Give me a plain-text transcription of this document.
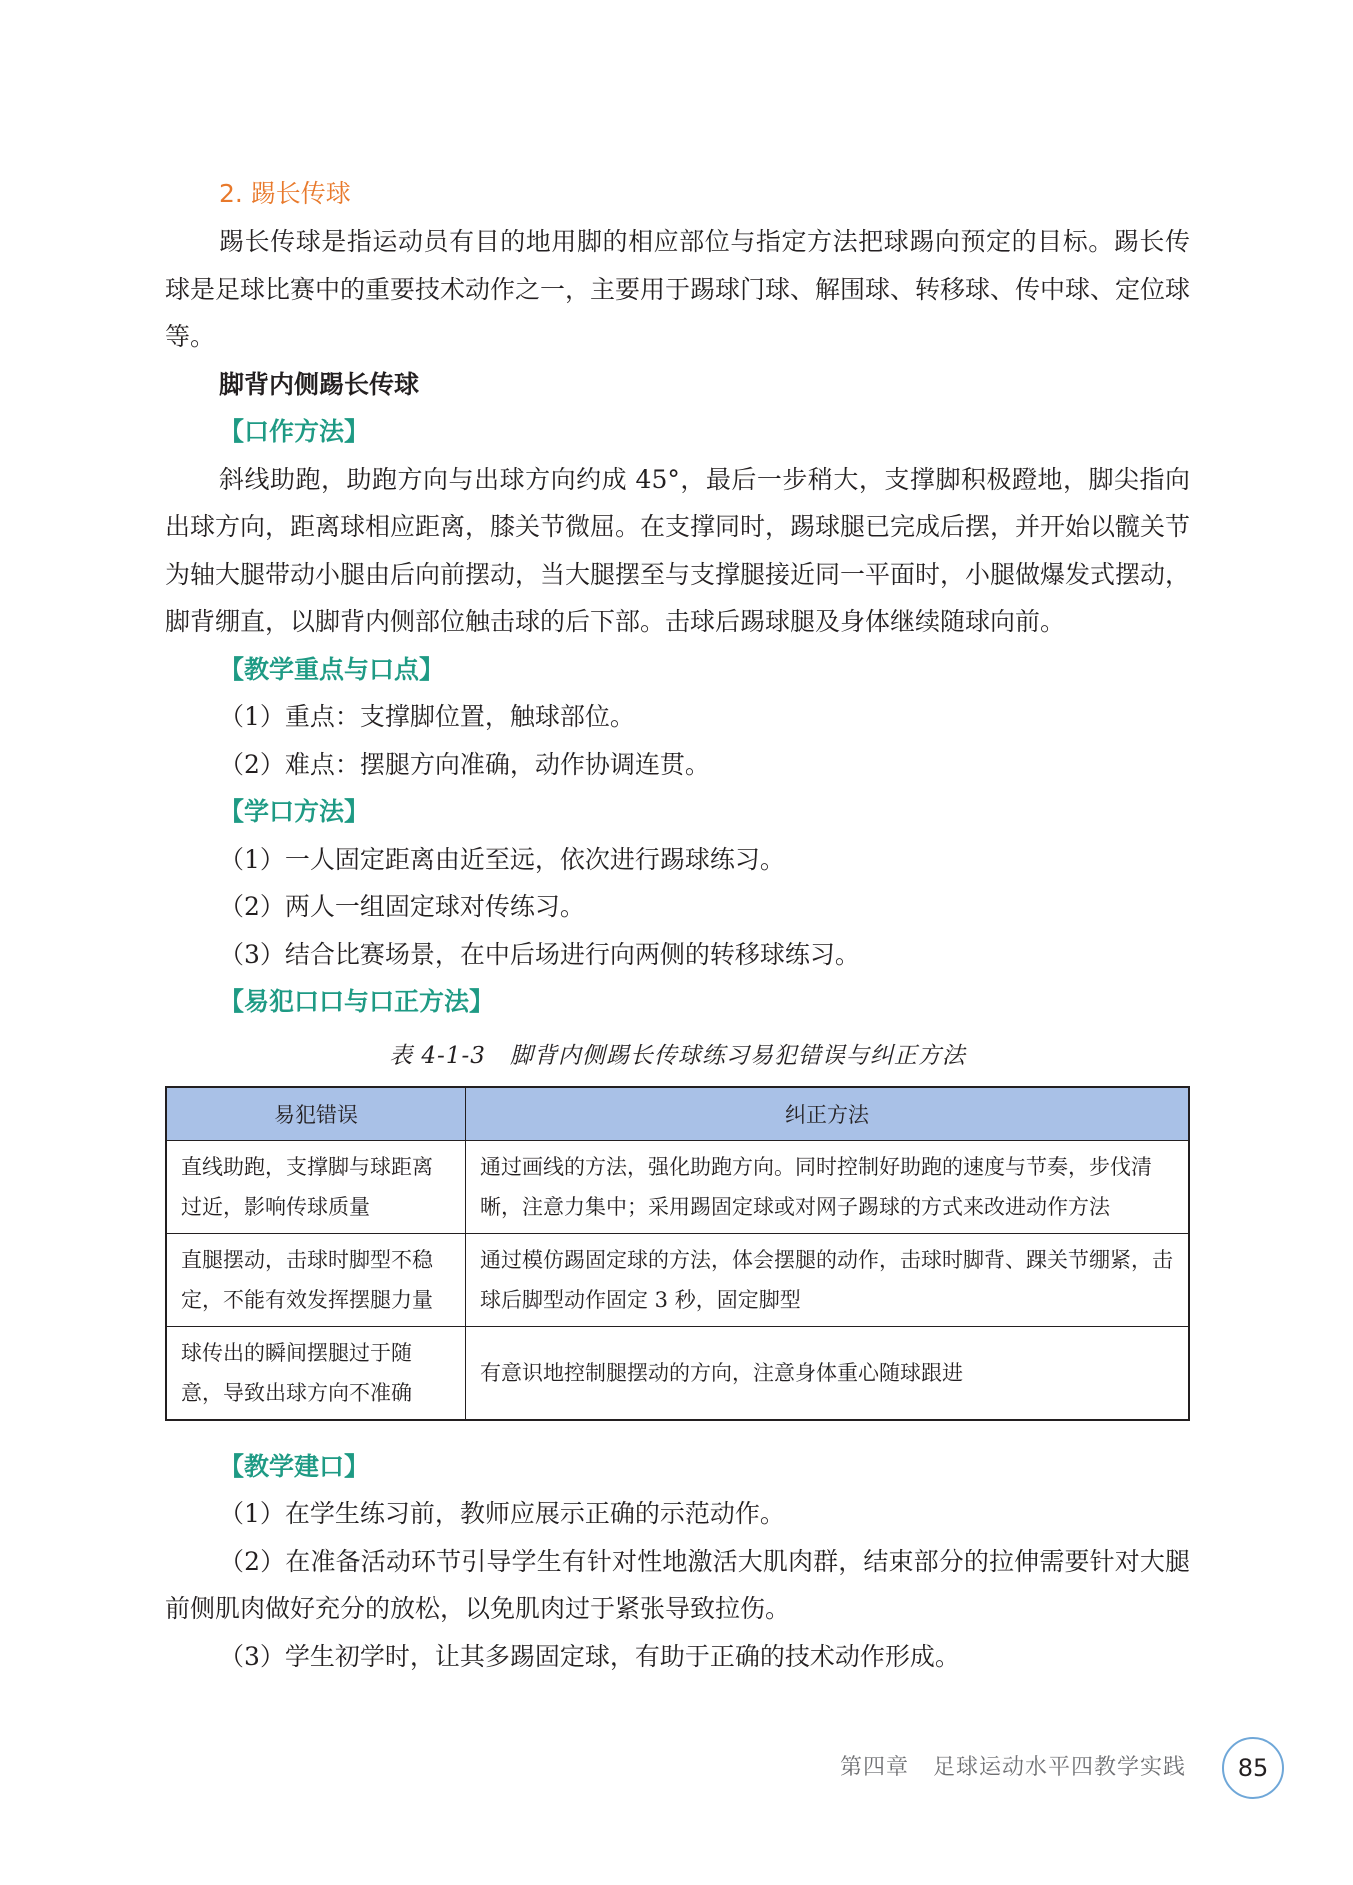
2. 踢长传球

踢长传球是指运动员有目的地用脚的相应部位与指定方法把球踢向预定的目标。踢长传球是足球比赛中的重要技术动作之一，主要用于踢球门球、解围球、转移球、传中球、定位球等。

脚背内侧踢长传球

【口作方法】

斜线助跑，助跑方向与出球方向约成 45°，最后一步稍大，支撑脚积极蹬地，脚尖指向出球方向，距离球相应距离，膝关节微屈。在支撑同时，踢球腿已完成后摆，并开始以髋关节为轴大腿带动小腿由后向前摆动，当大腿摆至与支撑腿接近同一平面时，小腿做爆发式摆动，脚背绷直，以脚背内侧部位触击球的后下部。击球后踢球腿及身体继续随球向前。

【教学重点与口点】

（1）重点：支撑脚位置，触球部位。

（2）难点：摆腿方向准确，动作协调连贯。

【学口方法】

（1）一人固定距离由近至远，依次进行踢球练习。

（2）两人一组固定球对传练习。

（3）结合比赛场景，在中后场进行向两侧的转移球练习。

【易犯口口与口正方法】

表 4-1-3　脚背内侧踢长传球练习易犯错误与纠正方法

易犯错误	纠正方法
直线助跑，支撑脚与球距离过近，影响传球质量	通过画线的方法，强化助跑方向。同时控制好助跑的速度与节奏，步伐清晰，注意力集中；采用踢固定球或对网子踢球的方式来改进动作方法
直腿摆动，击球时脚型不稳定，不能有效发挥摆腿力量	通过模仿踢固定球的方法，体会摆腿的动作，击球时脚背、踝关节绷紧，击球后脚型动作固定 3 秒，固定脚型
球传出的瞬间摆腿过于随意，导致出球方向不准确	有意识地控制腿摆动的方向，注意身体重心随球跟进

【教学建口】

（1）在学生练习前，教师应展示正确的示范动作。

（2）在准备活动环节引导学生有针对性地激活大肌肉群，结束部分的拉伸需要针对大腿前侧肌肉做好充分的放松，以免肌肉过于紧张导致拉伤。

（3）学生初学时，让其多踢固定球，有助于正确的技术动作形成。

第四章 足球运动水平四教学实践	85
